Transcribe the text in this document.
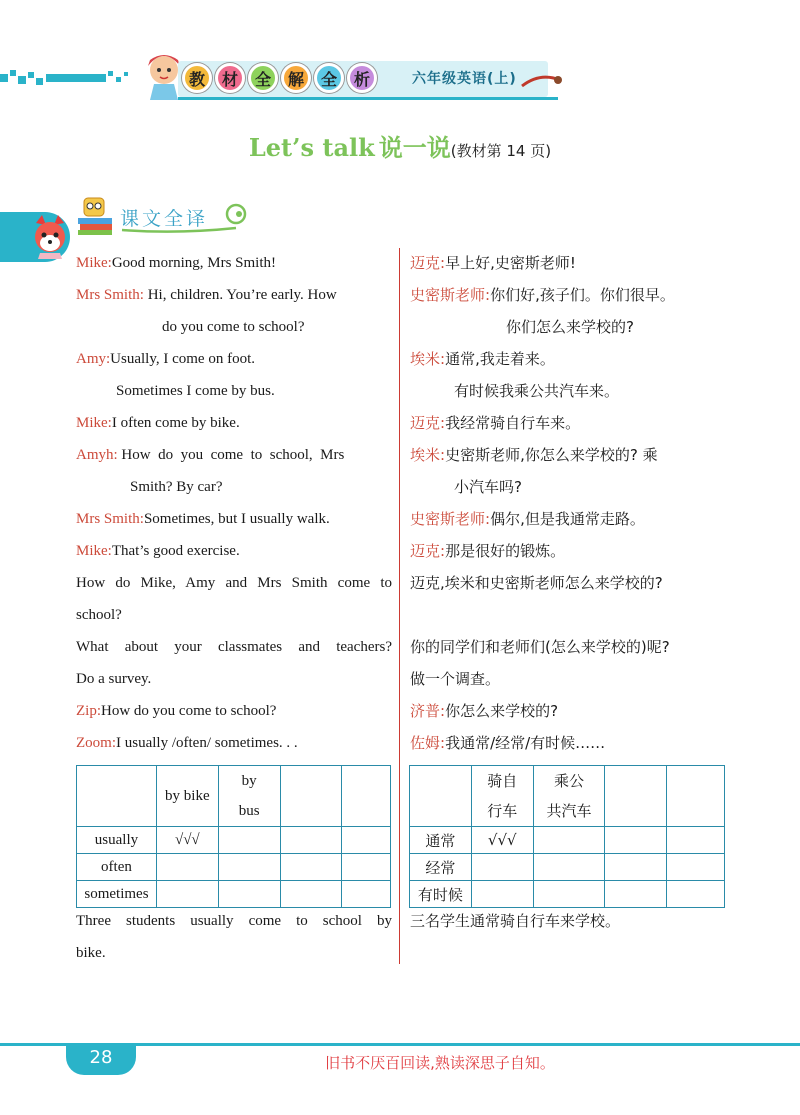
教	材	全	解	全	析	六年级英语(上)
Let’s talk 说一说(教材第 14 页)
课文全译
Mike:Good morning, Mrs Smith!
Mrs Smith: Hi, children. You’re early. How
do you come to school?
Amy:Usually, I come on foot.
Sometimes I come by bus.
Mike:I often come by bike.
Amyh: How  do  you  come  to  school,  Mrs
Smith? By car?
Mrs Smith:Sometimes, but I usually walk.
Mike:That’s good exercise.
How do Mike, Amy and Mrs Smith come to
school?
What about your classmates and teachers?
Do a survey.
Zip:How do you come to school?
Zoom:I usually /often/ sometimes. . .
迈克:早上好,史密斯老师!
史密斯老师:你们好,孩子们。你们很早。
你们怎么来学校的?
埃米:通常,我走着来。
有时候我乘公共汽车来。
迈克:我经常骑自行车来。
埃米:史密斯老师,你怎么来学校的? 乘
小汽车吗?
史密斯老师:偶尔,但是我通常走路。
迈克:那是很好的锻炼。
迈克,埃米和史密斯老师怎么来学校的?
你的同学们和老师们(怎么来学校的)呢?
做一个调查。
济普:你怎么来学校的?
佐姆:我通常/经常/有时候……
	by bike	by
bus		
usually	√√√			
often				
sometimes				
	骑自
行车	乘公
共汽车		
通常	√√√			
经常				
有时候				
Three  students  usually  come  to  school  by
bike.
三名学生通常骑自行车来学校。
28	旧书不厌百回读,熟读深思子自知。
